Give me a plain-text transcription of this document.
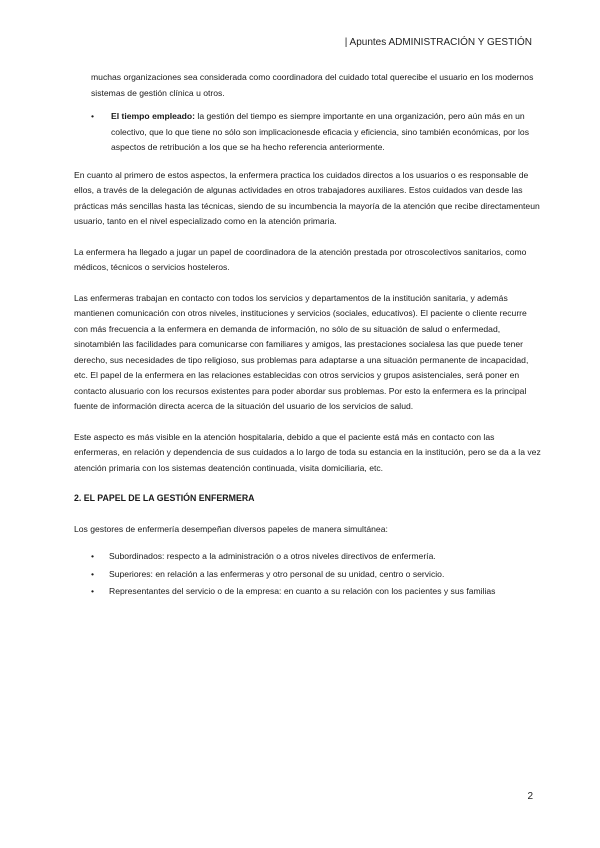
| Apuntes ADMINISTRACIÓN Y GESTIÓN

muchas organizaciones sea considerada como coordinadora del cuidado total querecibe el usuario en los modernos sistemas de gestión clínica u otros.

•	El tiempo empleado: la gestión del tiempo es siempre importante en una organización, pero aún más en un colectivo, que lo que tiene no sólo son implicacionesde eficacia y eficiencia, sino también económicas, por los aspectos de retribución a los que se ha hecho referencia anteriormente.

En cuanto al primero de estos aspectos, la enfermera practica los cuidados directos a los usuarios o es responsable de ellos, a través de la delegación de algunas actividades en otros trabajadores auxiliares. Estos cuidados van desde las prácticas más sencillas hasta las técnicas, siendo de su incumbencia la mayoría de la atención que recibe directamenteun usuario, tanto en el nivel especializado como en la atención primaria.

La enfermera ha llegado a jugar un papel de coordinadora de la atención prestada por otroscolectivos sanitarios, como médicos, técnicos o servicios hosteleros.

Las enfermeras trabajan en contacto con todos los servicios y departamentos de la institución sanitaria, y además mantienen comunicación con otros niveles, instituciones y servicios (sociales, educativos). El paciente o cliente recurre con más frecuencia a la enfermera en demanda de información, no sólo de su situación de salud o enfermedad, sinotambién las facilidades para comunicarse con familiares y amigos, las prestaciones socialesa las que puede tener derecho, sus necesidades de tipo religioso, sus problemas para adaptarse a una situación permanente de incapacidad, etc. El papel de la enfermera en las relaciones establecidas con otros servicios y grupos asistenciales, será poner en contacto alusuario con los recursos existentes para poder abordar sus problemas. Por esto la enfermera es la principal fuente de información directa acerca de la situación del usuario de los servicios de salud.

Este aspecto es más visible en la atención hospitalaria, debido a que el paciente está más en contacto con las enfermeras, en relación y dependencia de sus cuidados a lo largo de toda su estancia en la institución, pero se da a la vez atención primaria con los sistemas deatención continuada, visita domiciliaria, etc.

2. EL PAPEL DE LA GESTIÓN ENFERMERA

Los gestores de enfermería desempeñan diversos papeles de manera simultánea:

• Subordinados: respecto a la administración o a otros niveles directivos de enfermería.
• Superiores: en relación a las enfermeras y otro personal de su unidad, centro o servicio.
• Representantes del servicio o de la empresa: en cuanto a su relación con los pacientes y sus familias
2
